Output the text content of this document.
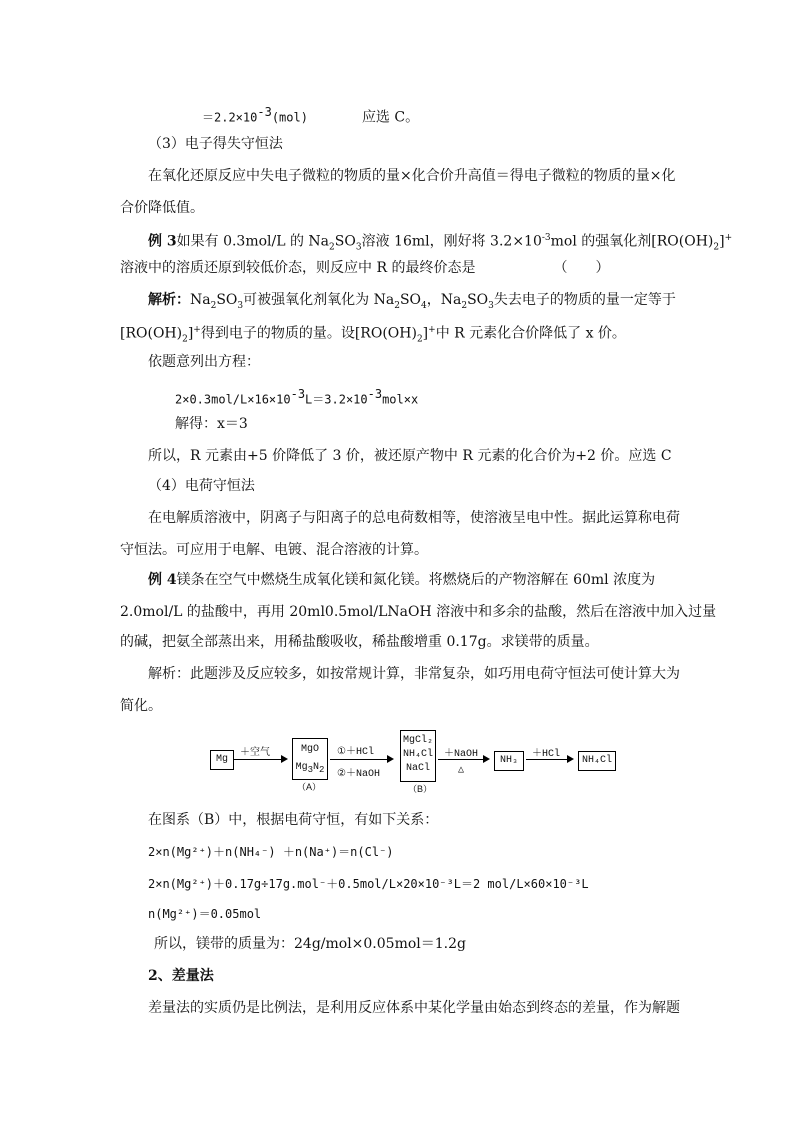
$=2.2\times 10^{-3}(mol)$	应选 C。
（3）电子得失守恒法
在氧化还原反应中失电子微粒的物质的量×化合价升高值＝得电子微粒的物质的量×化
合价降低值。
例 3如果有 0.3mol/L 的 $Na_2SO_3$溶液 16ml，刚好将 $3.2\times 10^{-3}mol$ 的强氧化剂$[RO(OH)_2]^+$
溶液中的溶质还原到较低价态，则反应中 R 的最终价态是	（　　）
解析：$Na_2SO_3$可被强氧化剂氧化为 $Na_2SO_4$，$Na_2SO_3$失去电子的物质的量一定等于
$[RO(OH)_2]^+$得到电子的物质的量。设$[RO(OH)_2]^+$中 R 元素化合价降低了 x 价。
依题意列出方程：
$2\times 0.3mol/L\times 16\times 10^{-3}L=3.2\times 10^{-3}mol\times x$
解得：x＝3
所以，R 元素由+5 价降低了 3 价，被还原产物中 R 元素的化合价为+2 价。应选 C
（4）电荷守恒法
在电解质溶液中，阴离子与阳离子的总电荷数相等，使溶液呈电中性。据此运算称电荷
守恒法。可应用于电解、电镀、混合溶液的计算。
例 4镁条在空气中燃烧生成氧化镁和氮化镁。将燃烧后的产物溶解在 60ml 浓度为
2.0mol/L 的盐酸中，再用 20ml0.5mol/LNaOH 溶液中和多余的盐酸，然后在溶液中加入过量
的碱，把氨全部蒸出来，用稀盐酸吸收，稀盐酸增重 0.17g。求镁带的质量。
解析：此题涉及反应较多，如按常规计算，非常复杂，如巧用电荷守恒法可使计算大为
简化。
Mg
＋空气	MgO
$Mg_3N_2$
（A）
①＋HCl
②＋NaOH
MgCl₂
NH₄Cl
NaCl
（B）
＋NaOH
△
NH₃
＋HCl
NH₄Cl
在图系（B）中，根据电荷守恒，有如下关系：
2×n(Mg²⁺)＋n(NH₄⁻) ＋n(Na⁺)＝n(Cl⁻)
2×n(Mg²⁺)＋0.17g÷17g.mol⁻＋0.5mol/L×20×10⁻³L＝2 mol/L×60×10⁻³L
n(Mg²⁺)＝0.05mol
所以，镁带的质量为：24g/mol×0.05mol＝1.2g
2、差量法
差量法的实质仍是比例法，是利用反应体系中某化学量由始态到终态的差量，作为解题
